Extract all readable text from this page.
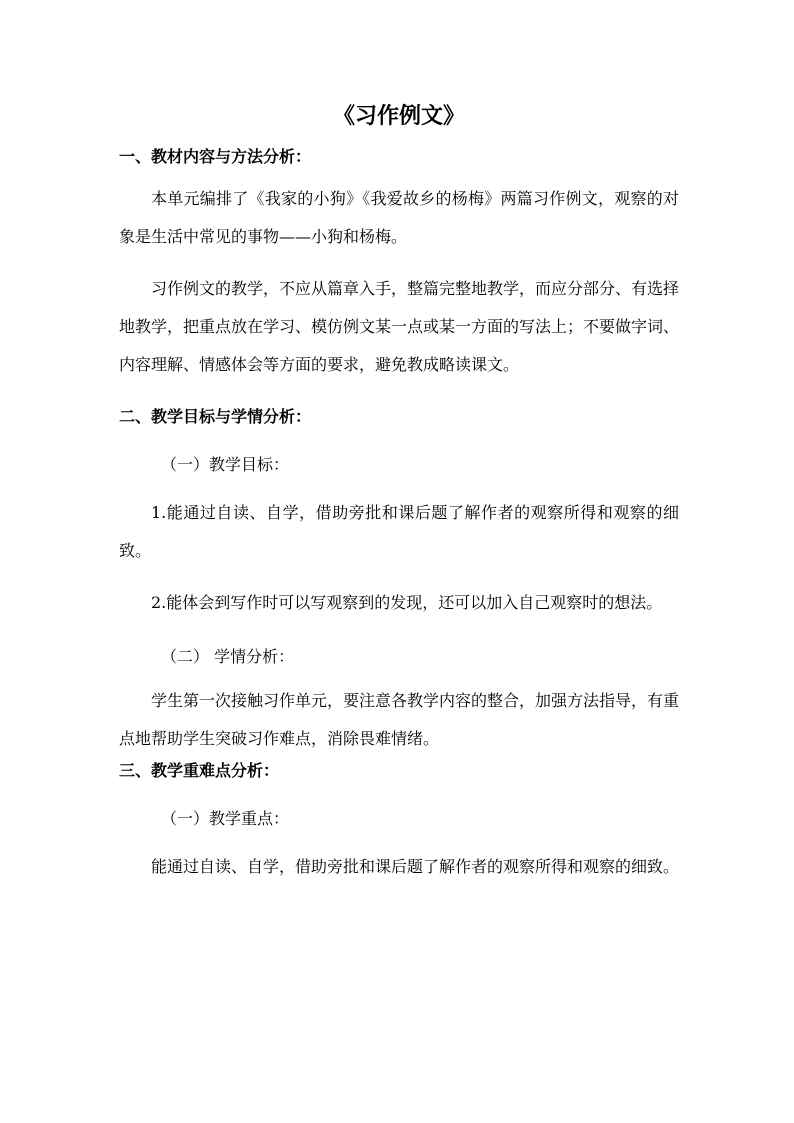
《习作例文》
一、教材内容与方法分析：

本单元编排了《我家的小狗》《我爱故乡的杨梅》两篇习作例文，观察的对象是生活中常见的事物——小狗和杨梅。

习作例文的教学，不应从篇章入手，整篇完整地教学，而应分部分、有选择地教学，把重点放在学习、模仿例文某一点或某一方面的写法上；不要做字词、内容理解、情感体会等方面的要求，避免教成略读课文。

二、教学目标与学情分析：

（一）教学目标：

1.能通过自读、自学，借助旁批和课后题了解作者的观察所得和观察的细致。

2.能体会到写作时可以写观察到的发现，还可以加入自己观察时的想法。

（二） 学情分析：

学生第一次接触习作单元，要注意各教学内容的整合，加强方法指导，有重点地帮助学生突破习作难点，消除畏难情绪。

三、教学重难点分析：

（一）教学重点：

能通过自读、自学，借助旁批和课后题了解作者的观察所得和观察的细致。
